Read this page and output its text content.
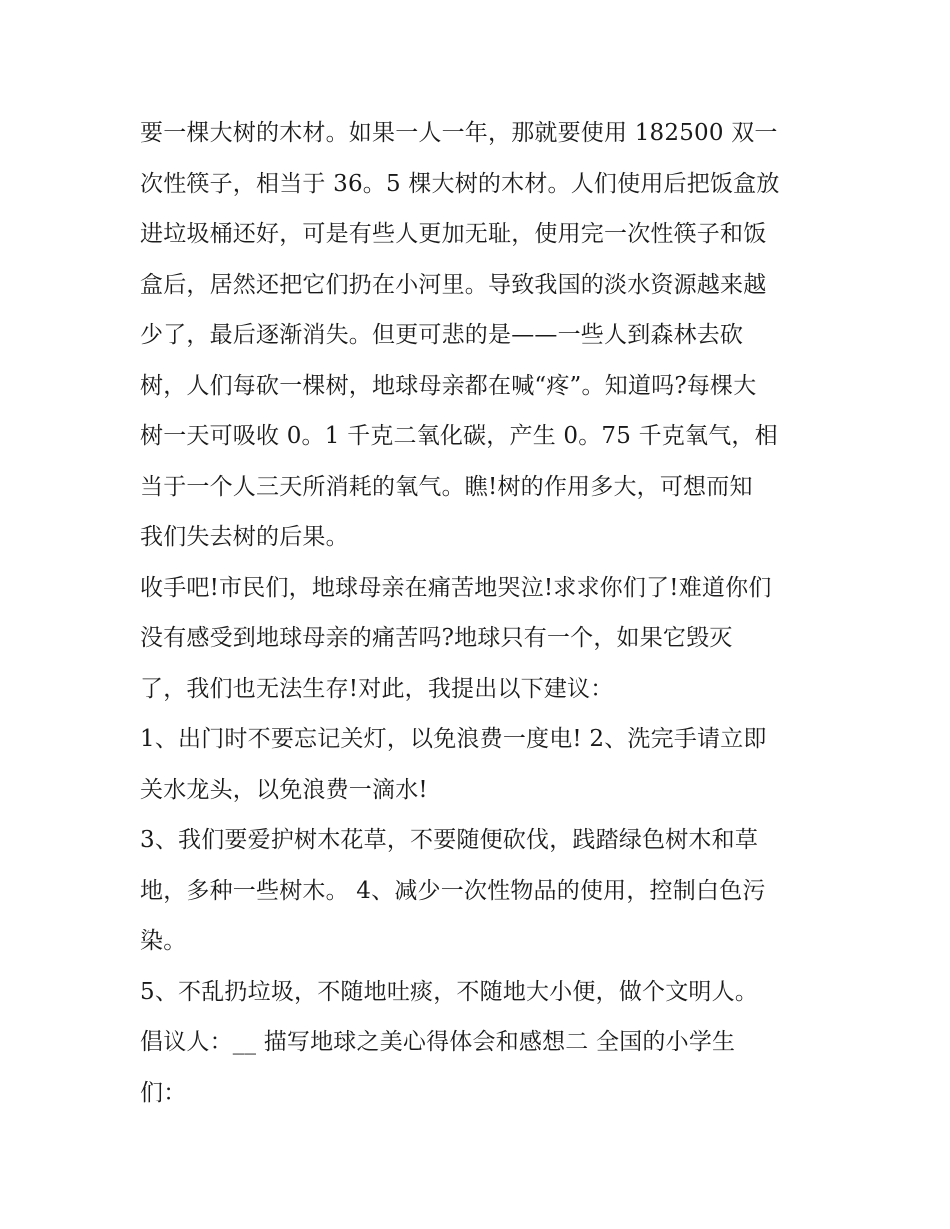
要一棵大树的木材。如果一人一年，那就要使用 182500 双一
次性筷子，相当于 36。5 棵大树的木材。人们使用后把饭盒放
进垃圾桶还好，可是有些人更加无耻，使用完一次性筷子和饭
盒后，居然还把它们扔在小河里。导致我国的淡水资源越来越
少了，最后逐渐消失。但更可悲的是——一些人到森林去砍
树，人们每砍一棵树，地球母亲都在喊“疼”。知道吗?每棵大
树一天可吸收 0。1 千克二氧化碳，产生 0。75 千克氧气，相
当于一个人三天所消耗的氧气。瞧!树的作用多大，可想而知
我们失去树的后果。
收手吧!市民们，地球母亲在痛苦地哭泣!求求你们了!难道你们
没有感受到地球母亲的痛苦吗?地球只有一个，如果它毁灭
了，我们也无法生存!对此，我提出以下建议：
1、出门时不要忘记关灯，以免浪费一度电! 2、洗完手请立即
关水龙头，以免浪费一滴水!
3、我们要爱护树木花草，不要随便砍伐，践踏绿色树木和草
地，多种一些树木。 4、减少一次性物品的使用，控制白色污
染。
5、不乱扔垃圾，不随地吐痰，不随地大小便，做个文明人。
倡议人：__ 描写地球之美心得体会和感想二 全国的小学生
们：
